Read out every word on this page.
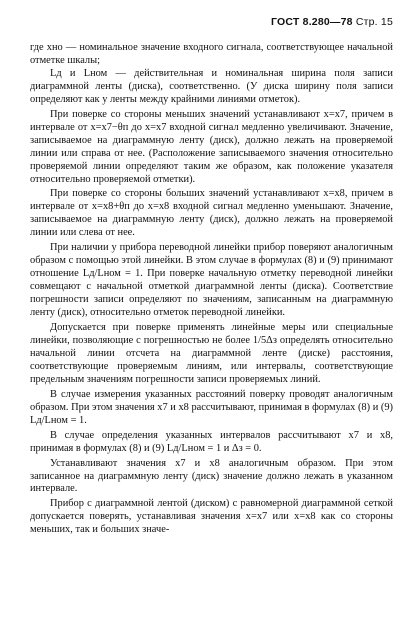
ГОСТ 8.280—78 Стр. 15

где xнo — номинальное значение входного сигнала, соответствующее начальной отметке шкалы;

Lд и Lном — действительная и номинальная ширина поля записи диаграммной ленты (диска), соответственно. (У диска ширину поля записи определяют как у ленты между крайними линиями отметок).

При поверке со стороны меньших значений устанавливают x=x7, причем в интервале от x=x7−θп до x=x7 входной сигнал медленно увеличивают. Значение, записываемое на диаграммную ленту (диск), должно лежать на проверяемой линии или справа от нее. (Расположение записываемого значения относительно проверяемой линии определяют таким же образом, как положение указателя относительно проверяемой отметки).

При поверке со стороны больших значений устанавливают x=x8, причем в интервале от x=x8+θп до x=x8 входной сигнал медленно уменьшают. Значение, записываемое на диаграммную ленту (диск), должно лежать на проверяемой линии или слева от нее.

При наличии у прибора переводной линейки прибор поверяют аналогичным образом с помощью этой линейки. В этом случае в формулах (8) и (9) принимают отношение Lд/Lном = 1. При поверке начальную отметку переводной линейки совмещают с начальной отметкой диаграммной ленты (диска). Соответствие погрешности записи определяют по значениям, записанным на диаграммную ленту (диск), относительно отметок переводной линейки.

Допускается при поверке применять линейные меры или специальные линейки, позволяющие с погрешностью не более 1/5Δз определять относительно начальной линии отсчета на диаграммной ленте (диске) расстояния, соответствующие проверяемым линиям, или интервалы, соответствующие предельным значениям погрешности записи проверяемых линий.

В случае измерения указанных расстояний поверку проводят аналогичным образом. При этом значения x7 и x8 рассчитывают, принимая в формулах (8) и (9) Lд/Lном = 1.

В случае определения указанных интервалов рассчитывают x7 и x8, принимая в формулах (8) и (9) Lд/Lном = 1 и Δз = 0.

Устанавливают значения x7 и x8 аналогичным образом. При этом записанное на диаграммную ленту (диск) значение должно лежать в указанном интервале.

Прибор с диаграммной лентой (диском) с равномерной диаграммной сеткой допускается поверять, устанавливая значения x=x7 или x=x8 как со стороны меньших, так и больших значе-
